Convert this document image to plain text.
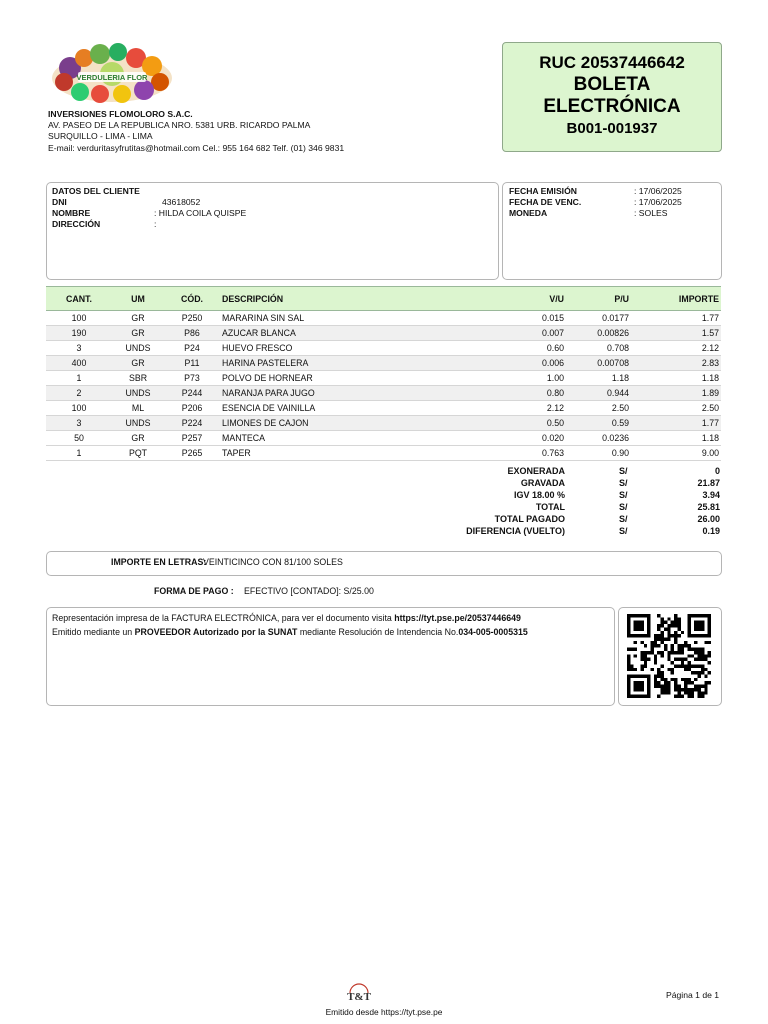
VERDULERIA FLOR
INVERSIONES FLOMOLORO S.A.C.
AV. PASEO DE LA REPUBLICA NRO. 5381 URB. RICARDO PALMA
SURQUILLO - LIMA - LIMA
E-mail: verduritasyfrutitas@hotmail.com Cel.: 955 164 682 Telf. (01) 346 9831
RUC 20537446642
BOLETA
ELECTRÓNICA
B001-001937
DATOS DEL CLIENTE
DNI	43618052
NOMBRE	: HILDA COILA QUISPE
DIRECCIÓN	:
FECHA EMISIÓN	: 17/06/2025
FECHA DE VENC.	: 17/06/2025
MONEDA	: SOLES
CANT.	UM	CÓD.	DESCRIPCIÓN	V/U	P/U	IMPORTE
100	GR	P250	MARARINA SIN SAL	0.015	0.0177	1.77
190	GR	P86	AZUCAR BLANCA	0.007	0.00826	1.57
3	UNDS	P24	HUEVO FRESCO	0.60	0.708	2.12
400	GR	P11	HARINA PASTELERA	0.006	0.00708	2.83
1	SBR	P73	POLVO DE HORNEAR	1.00	1.18	1.18
2	UNDS	P244	NARANJA PARA JUGO	0.80	0.944	1.89
100	ML	P206	ESENCIA DE VAINILLA	2.12	2.50	2.50
3	UNDS	P224	LIMONES DE CAJON	0.50	0.59	1.77
50	GR	P257	MANTECA	0.020	0.0236	1.18
1	PQT	P265	TAPER	0.763	0.90	9.00
EXONERADA	S/	0
GRAVADA	S/	21.87
IGV 18.00 %	S/	3.94
TOTAL	S/	25.81
TOTAL PAGADO	S/	26.00
DIFERENCIA (VUELTO)	S/	0.19
IMPORTE EN LETRAS:
VEINTICINCO CON 81/100 SOLES
FORMA DE PAGO : EFECTIVO [CONTADO]: S/25.00
Representación impresa de la FACTURA ELECTRÓNICA, para ver el documento visita https://tyt.pse.pe/20537446649
Emitido mediante un PROVEEDOR Autorizado por la SUNAT mediante Resolución de Intendencia No.034-005-0005315
T&T
Emitido desde https://tyt.pse.pe
Página 1 de 1
